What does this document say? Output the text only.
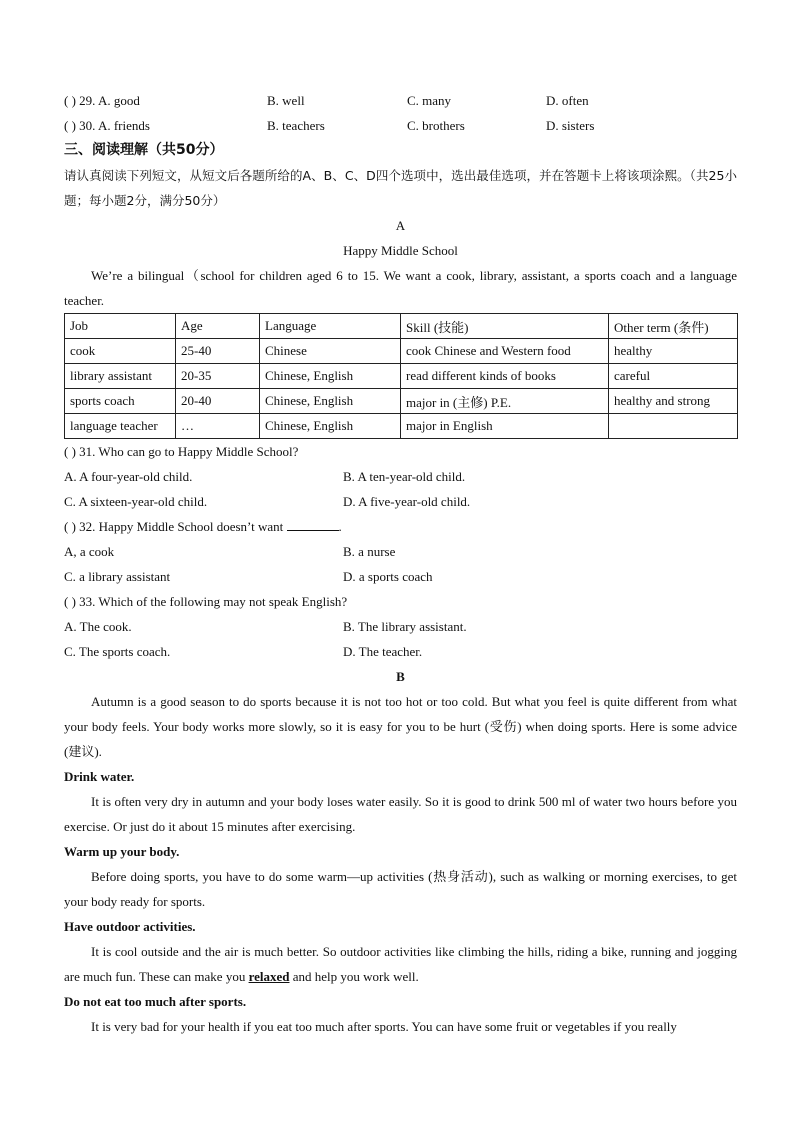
( ) 29. A. good	B. well	C. many	D. often
( ) 30. A. friends	B. teachers	C. brothers	D. sisters
三、阅读理解（共50分）
请认真阅读下列短文，从短文后各题所给的A、B、C、D四个选项中，选出最佳选项，并在答题卡上将该项涂熙。（共25小题；每小题2分，满分50分）
A
Happy Middle School
We’re a bilingual（school for children aged 6 to 15. We want a cook, library, assistant, a sports coach and a language teacher.
Job	Age	Language	Skill (技能)	Other term (条件)
cook	25-40	Chinese	cook Chinese and Western food	healthy
library assistant	20-35	Chinese, English	read different kinds of books	careful
sports coach	20-40	Chinese, English	major in (主修) P.E.	healthy and strong
language teacher	…	Chinese, English	major in English	
( ) 31. Who can go to Happy Middle School?
A. A four-year-old child.	B. A ten-year-old child.
C. A sixteen-year-old child.	D. A five-year-old child.
( ) 32. Happy Middle School doesn’t want	.
A, a cook	B. a nurse
C. a library assistant	D. a sports coach
( ) 33. Which of the following may not speak English?
A. The cook.	B. The library assistant.
C. The sports coach.	D. The teacher.
B
Autumn is a good season to do sports because it is not too hot or too cold. But what you feel is quite different from what your body feels. Your body works more slowly, so it is easy for you to be hurt (受伤) when doing sports. Here is some advice (建议).
Drink water.
It is often very dry in autumn and your body loses water easily. So it is good to drink 500 ml of water two hours before you exercise. Or just do it about 15 minutes after exercising.
Warm up your body.
Before doing sports, you have to do some warm—up activities (热身活动), such as walking or morning exercises, to get your body ready for sports.
Have outdoor activities.
It is cool outside and the air is much better. So outdoor activities like climbing the hills, riding a bike, running and jogging are much fun. These can make you relaxed and help you work well.
Do not eat too much after sports.
It is very bad for your health if you eat too much after sports. You can have some fruit or vegetables if you really
